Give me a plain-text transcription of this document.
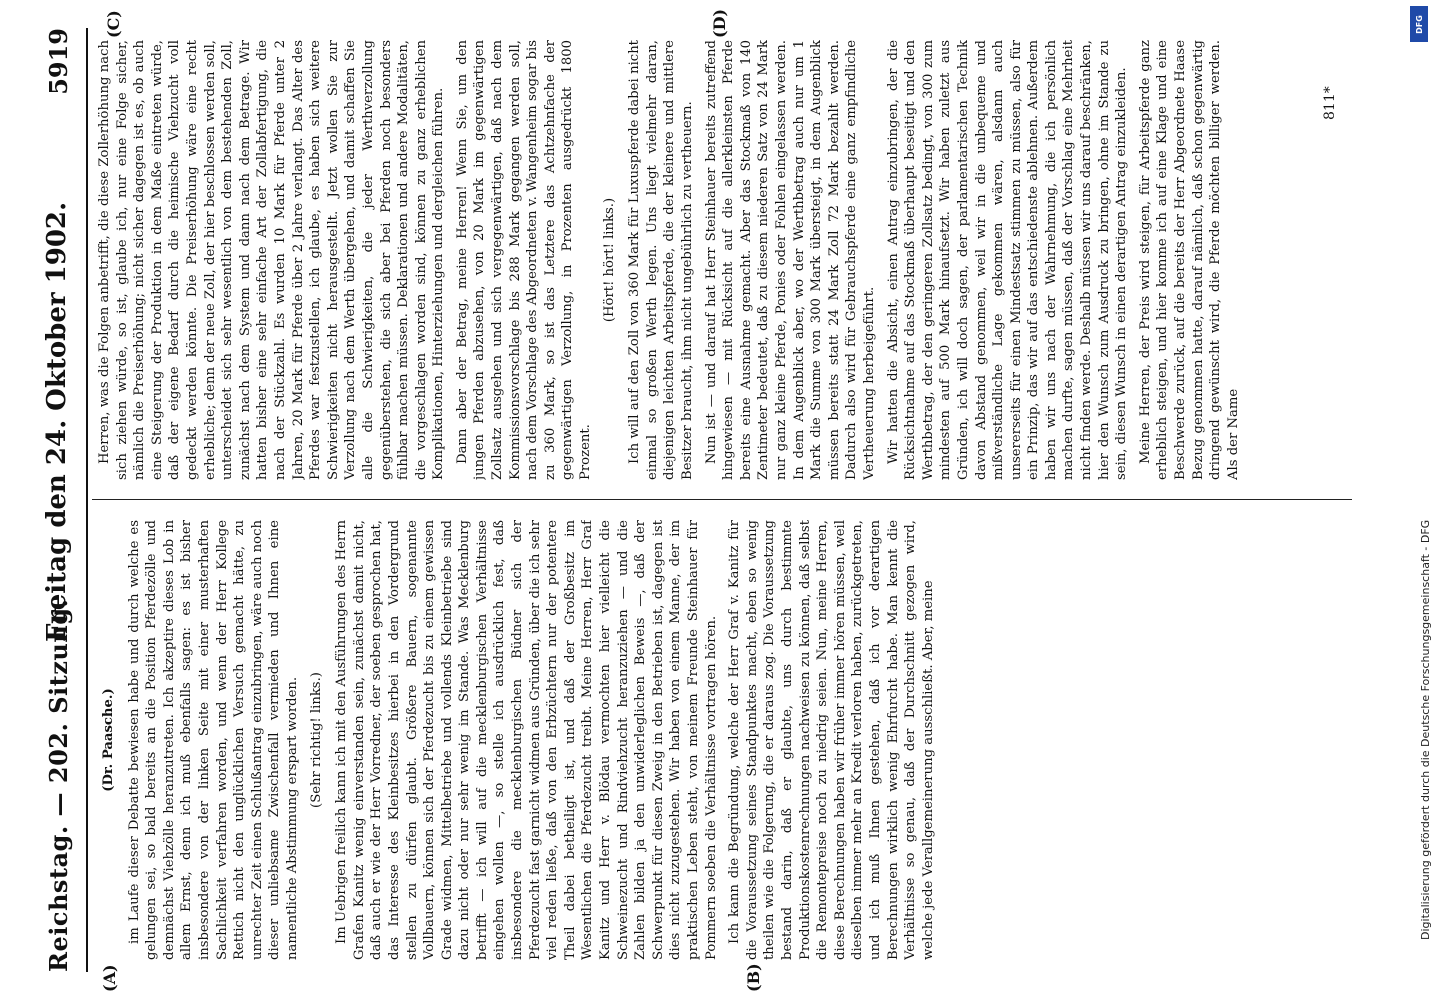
Reichstag. — 202. Sitzung.
Freitag den 24. Oktober 1902.
5919
(A)	(B)
(C)	(D)

(Dr. Paasche.) im Laufe dieser Debatte bewiesen habe und durch welche es gelungen sei, so bald bereits an die Position Pferdezölle und demnächst Viehzölle heranzutreten. Ich akzeptire dieses Lob in allem Ernst, denn ich muß ebenfalls sagen: es ist bisher insbesondere von der linken Seite mit einer musterhaften Sachlichkeit verfahren worden, und wenn der Herr Kollege Rettich nicht den unglücklichen Versuch gemacht hätte, zu unrechter Zeit einen Schlußantrag einzubringen, wäre auch noch dieser unliebsame Zwischenfall vermieden und Ihnen eine namentliche Abstimmung erspart worden. (Sehr richtig! links.) Im Uebrigen freilich kann ich mit den Ausführungen des Herrn Grafen Kanitz wenig einverstanden sein, zunächst damit nicht, daß auch er wie der Herr Vorredner, der soeben gesprochen hat, das Interesse des Kleinbesitzes hierbei in den Vordergrund stellen zu dürfen glaubt. Größere Bauern, sogenannte Vollbauern, können sich der Pferdezucht bis zu einem gewissen Grade widmen, Mittelbetriebe und vollends Kleinbetriebe sind dazu nicht oder nur sehr wenig im Stande. Was Mecklenburg betrifft — ich will auf die mecklenburgischen Verhältnisse eingehen wollen —, so stelle ich ausdrücklich fest, daß insbesondere die mecklenburgischen Büdner sich der Pferdezucht fast garnicht widmen aus Gründen, über die ich sehr viel reden ließe, daß von den Erbzüchtern nur der potentere Theil dabei betheiligt ist, und daß der Großbesitz im Wesentlichen die Pferdezucht treibt. Meine Herren, Herr Graf Kanitz und Herr v. Blödau vermochten hier vielleicht die Schweinezucht und Rindviehzucht heranzuziehen — und die Zahlen bilden ja den unwiderleglichen Beweis —, daß der Schwerpunkt für diesen Zweig in den Betrieben ist, dagegen ist dies nicht zuzugestehen. Wir haben von einem Manne, der im praktischen Leben steht, von meinem Freunde Steinhauer für Pommern soeben die Verhältnisse vortragen hören. Ich kann die Begründung, welche der Herr Graf v. Kanitz für die Voraussetzung seines Standpunktes macht, eben so wenig theilen wie die Folgerung, die er daraus zog. Die Voraussetzung bestand darin, daß er glaubte, uns durch bestimmte Produktionskostenrechnungen nachweisen zu können, daß selbst die Remontepreise noch zu niedrig seien. Nun, meine Herren, diese Berechnungen haben wir früher immer hören müssen, weil dieselben immer mehr an Kredit verloren haben, zurückgetreten, und ich muß Ihnen gestehen, daß ich vor derartigen Berechnungen wirklich wenig Ehrfurcht habe. Man kennt die Verhältnisse so genau, daß der Durchschnitt gezogen wird, welche jede Verallgemeinerung ausschließt. Aber, meine

Herren, was die Folgen anbetrifft, die diese Zollerhöhung nach sich ziehen würde, so ist, glaube ich, nur eine Folge sicher, nämlich die Preiserhöhung; nicht sicher dagegen ist es, ob auch eine Steigerung der Produktion in dem Maße eintreten würde, daß der eigene Bedarf durch die heimische Viehzucht voll gedeckt werden könnte. Die Preiserhöhung wäre eine recht erhebliche; denn der neue Zoll, der hier beschlossen werden soll, unterscheidet sich sehr wesentlich von dem bestehenden Zoll, zunächst nach dem System und dann nach dem Betrage. Wir hatten bisher eine sehr einfache Art der Zollabfertigung, die nach der Stückzahl. Es wurden 10 Mark für Pferde unter 2 Jahren, 20 Mark für Pferde über 2 Jahre verlangt. Das Alter des Pferdes war festzustellen, ich glaube, es haben sich weitere Schwierigkeiten nicht herausgestellt. Jetzt wollen Sie zur Verzollung nach dem Werth übergehen, und damit schaffen Sie alle die Schwierigkeiten, die jeder Werthverzollung gegenüberstehen, die sich aber bei Pferden noch besonders fühlbar machen müssen. Deklarationen und andere Modalitäten, die vorgeschlagen worden sind, können zu ganz erheblichen Komplikationen, Hinterziehungen und dergleichen führen. Dann aber der Betrag, meine Herren! Wenn Sie, um den jungen Pferden abzusehen, von 20 Mark im gegenwärtigen Zollsatz ausgehen und sich vergegenwärtigen, daß nach dem Kommissionsvorschlage bis 288 Mark gegangen werden soll, nach dem Vorschlage des Abgeordneten v. Wangenheim sogar bis zu 360 Mark, so ist das Letztere das Achtzehnfache der gegenwärtigen Verzollung, in Prozenten ausgedrückt 1800 Prozent.

(Hört! hört! links.) Ich will auf den Zoll von 360 Mark für Luxuspferde dabei nicht einmal so großen Werth legen. Uns liegt vielmehr daran, diejenigen leichten Arbeitspferde, die der kleinere und mittlere Besitzer braucht, ihm nicht ungebührlich zu vertheuern. Nun ist — und darauf hat Herr Steinhauer bereits zutreffend hingewiesen — mit Rücksicht auf die allerkleinsten Pferde bereits eine Ausnahme gemacht. Aber das Stockmaß von 140 Zentimeter bedeutet, daß zu diesem niederen Satz von 24 Mark nur ganz kleine Pferde, Ponies oder Fohlen eingelassen werden. In dem Augenblick aber, wo der Werthbetrag auch nur um 1 Mark die Summe von 300 Mark übersteigt, in dem Augenblick müssen bereits statt 24 Mark Zoll 72 Mark bezahlt werden. Dadurch also wird für Gebrauchspferde eine ganz empfindliche Vertheuerung herbeigeführt. Wir hatten die Absicht, einen Antrag einzubringen, der die Rücksichtnahme auf das Stockmaß überhaupt beseitigt und den Werthbetrag, der den geringeren Zollsatz bedingt, von 300 zum mindesten auf 500 Mark hinaufsetzt. Wir haben zuletzt aus Gründen, ich will doch sagen, der parlamentarischen Technik davon Abstand genommen, weil wir in die unbequeme und mißverständliche Lage gekommen wären, alsdann auch unsererseits für einen Mindestsatz stimmen zu müssen, also für ein Prinzip, das wir auf das entschiedenste ablehnen. Außerdem haben wir uns nach der Wahrnehmung, die ich persönlich machen durfte, sagen müssen, daß der Vorschlag eine Mehrheit nicht finden werde. Deshalb müssen wir uns darauf beschränken, hier den Wunsch zum Ausdruck zu bringen, ohne im Stande zu sein, diesen Wunsch in einen derartigen Antrag einzukleiden. Meine Herren, der Preis wird steigen, für Arbeitspferde ganz erheblich steigen, und hier komme ich auf eine Klage und eine Beschwerde zurück, auf die bereits der Herr Abgeordnete Haase Bezug genommen hatte, darauf nämlich, daß schon gegenwärtig dringend gewünscht wird, die Pferde möchten billiger werden. Als der Name

811*
Digitalisierung gefördert durch die Deutsche Forschungsgemeinschaft - DFG
DFG
